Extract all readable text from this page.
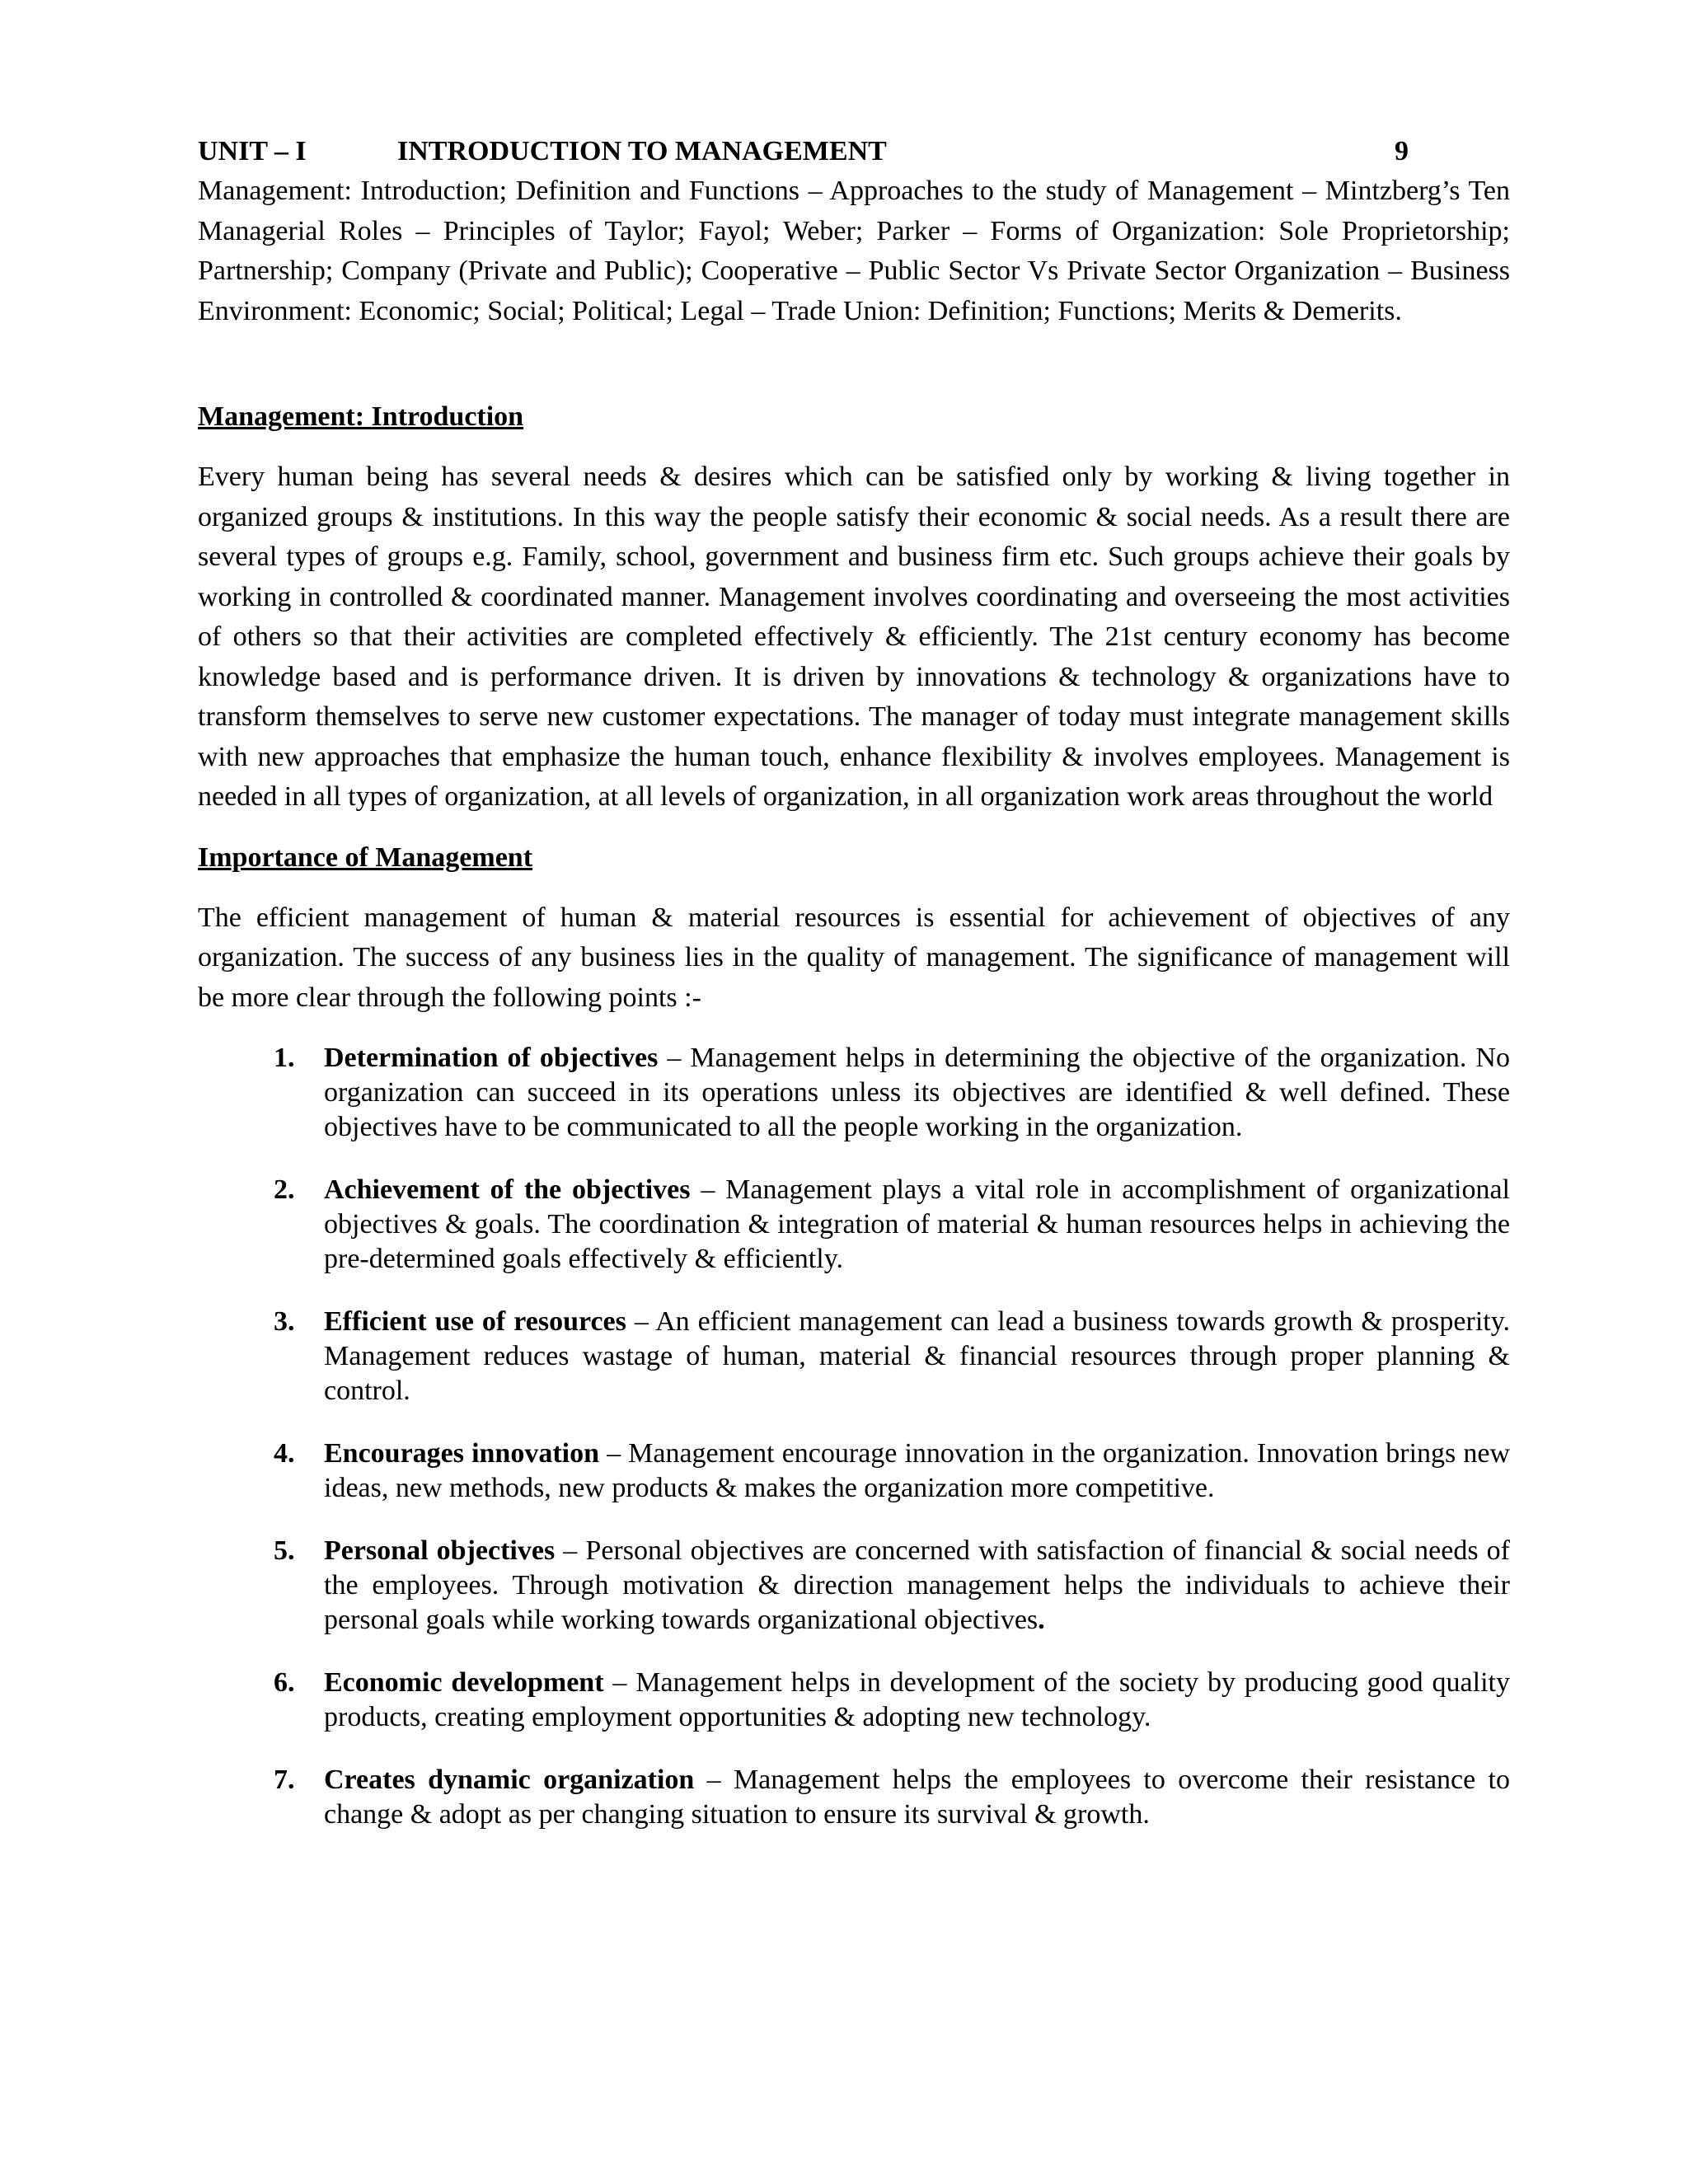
UNIT – I	INTRODUCTION TO MANAGEMENT	9

Management: Introduction; Definition and Functions – Approaches to the study of Management – Mintzberg’s Ten Managerial Roles – Principles of Taylor; Fayol; Weber; Parker – Forms of Organization: Sole Proprietorship; Partnership; Company (Private and Public); Cooperative – Public Sector Vs Private Sector Organization – Business Environment: Economic; Social; Political; Legal – Trade Union: Definition; Functions; Merits & Demerits.

Management: Introduction

Every human being has several needs & desires which can be satisfied only by working & living together in organized groups & institutions. In this way the people satisfy their economic & social needs. As a result there are several types of groups e.g. Family, school, government and business firm etc. Such groups achieve their goals by working in controlled & coordinated manner. Management involves coordinating and overseeing the most activities of others so that their activities are completed effectively & efficiently. The 21st century economy has become knowledge based and is performance driven. It is driven by innovations & technology & organizations have to transform themselves to serve new customer expectations. The manager of today must integrate management skills with new approaches that emphasize the human touch, enhance flexibility & involves employees. Management is needed in all types of organization, at all levels of organization, in all organization work areas throughout the world

Importance of Management

The efficient management of human & material resources is essential for achievement of objectives of any organization. The success of any business lies in the quality of management. The significance of management will be more clear through the following points :-

1. Determination of objectives – Management helps in determining the objective of the organization. No organization can succeed in its operations unless its objectives are identified & well defined. These objectives have to be communicated to all the people working in the organization.
2. Achievement of the objectives – Management plays a vital role in accomplishment of organizational objectives & goals. The coordination & integration of material & human resources helps in achieving the pre-determined goals effectively & efficiently.
3. Efficient use of resources – An efficient management can lead a business towards growth & prosperity. Management reduces wastage of human, material & financial resources through proper planning & control.
4. Encourages innovation – Management encourage innovation in the organization. Innovation brings new ideas, new methods, new products & makes the organization more competitive.
5. Personal objectives – Personal objectives are concerned with satisfaction of financial & social needs of the employees. Through motivation & direction management helps the individuals to achieve their personal goals while working towards organizational objectives.
6. Economic development – Management helps in development of the society by producing good quality products, creating employment opportunities & adopting new technology.
7. Creates dynamic organization – Management helps the employees to overcome their resistance to change & adopt as per changing situation to ensure its survival & growth.
